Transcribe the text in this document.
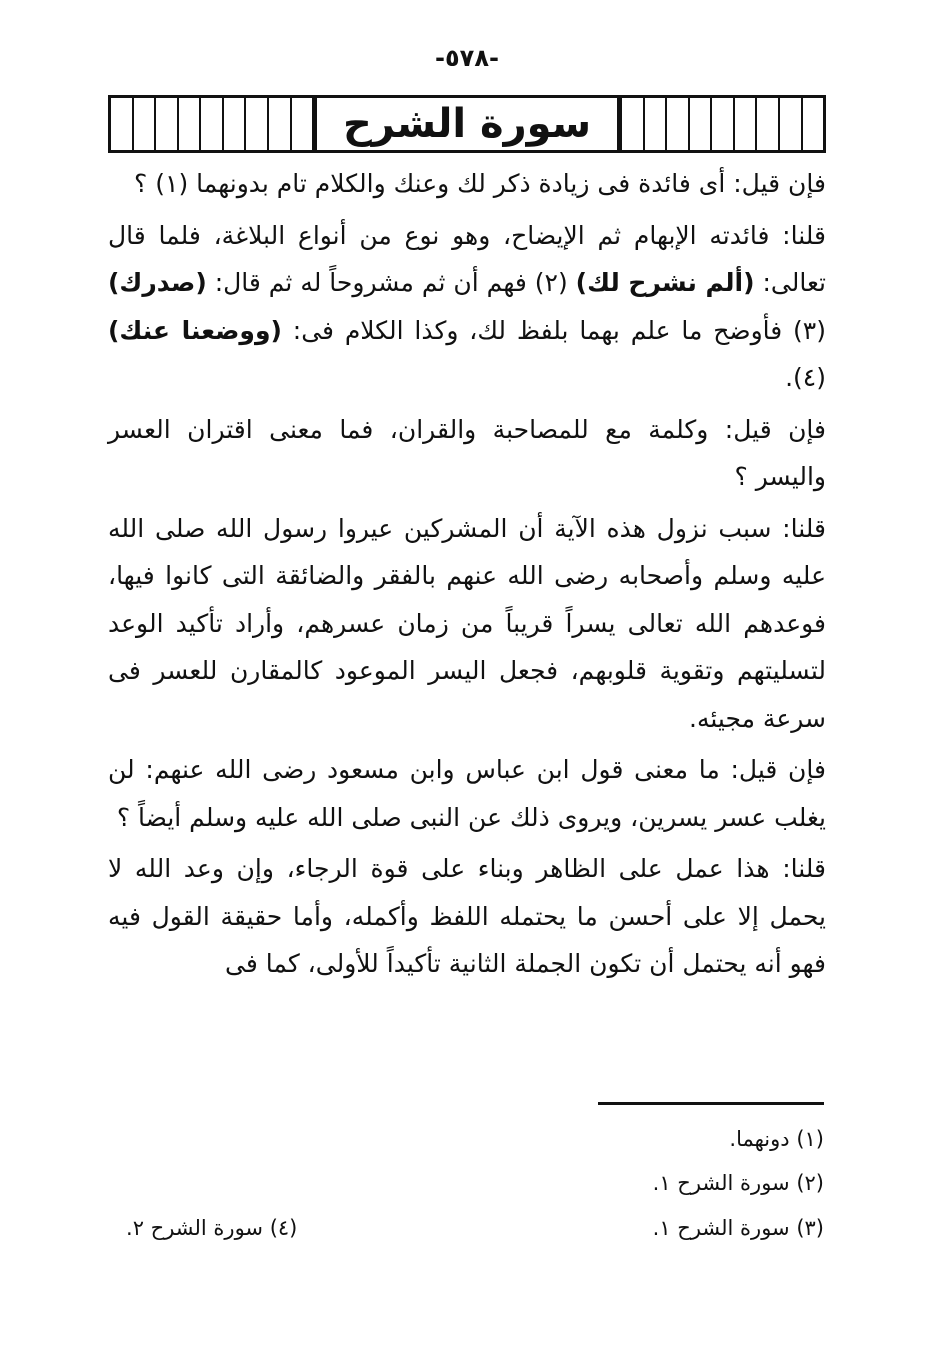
-٥٧٨-
سورة الشرح

فإن قيل: أى فائدة فى زيادة ذكر لك وعنك والكلام تام بدونهما (١) ؟

قلنا: فائدته الإبهام ثم الإيضاح، وهو نوع من أنواع البلاغة، فلما قال تعالى: (ألم نشرح لك) (٢) فهم أن ثم مشروحاً له ثم قال: (صدرك) (٣) فأوضح ما علم بهما بلفظ لك، وكذا الكلام فى: (ووضعنا عنك) (٤).

فإن قيل: وكلمة مع للمصاحبة والقران، فما معنى اقتران العسر واليسر ؟

قلنا: سبب نزول هذه الآية أن المشركين عيروا رسول الله صلى الله عليه وسلم وأصحابه رضى الله عنهم بالفقر والضائقة التى كانوا فيها، فوعدهم الله تعالى يسراً قريباً من زمان عسرهم، وأراد تأكيد الوعد لتسليتهم وتقوية قلوبهم، فجعل اليسر الموعود كالمقارن للعسر فى سرعة مجيئه.

فإن قيل: ما معنى قول ابن عباس وابن مسعود رضى الله عنهم: لن يغلب عسر يسرين، ويروى ذلك عن النبى صلى الله عليه وسلم أيضاً ؟

قلنا: هذا عمل على الظاهر وبناء على قوة الرجاء، وإن وعد الله لا يحمل إلا على أحسن ما يحتمله اللفظ وأكمله، وأما حقيقة القول فيه فهو أنه يحتمل أن تكون الجملة الثانية تأكيداً للأولى، كما فى

(١) دونهما.
(٢) سورة الشرح ١.
(٣) سورة الشرح ١.
(٤) سورة الشرح ٢.
